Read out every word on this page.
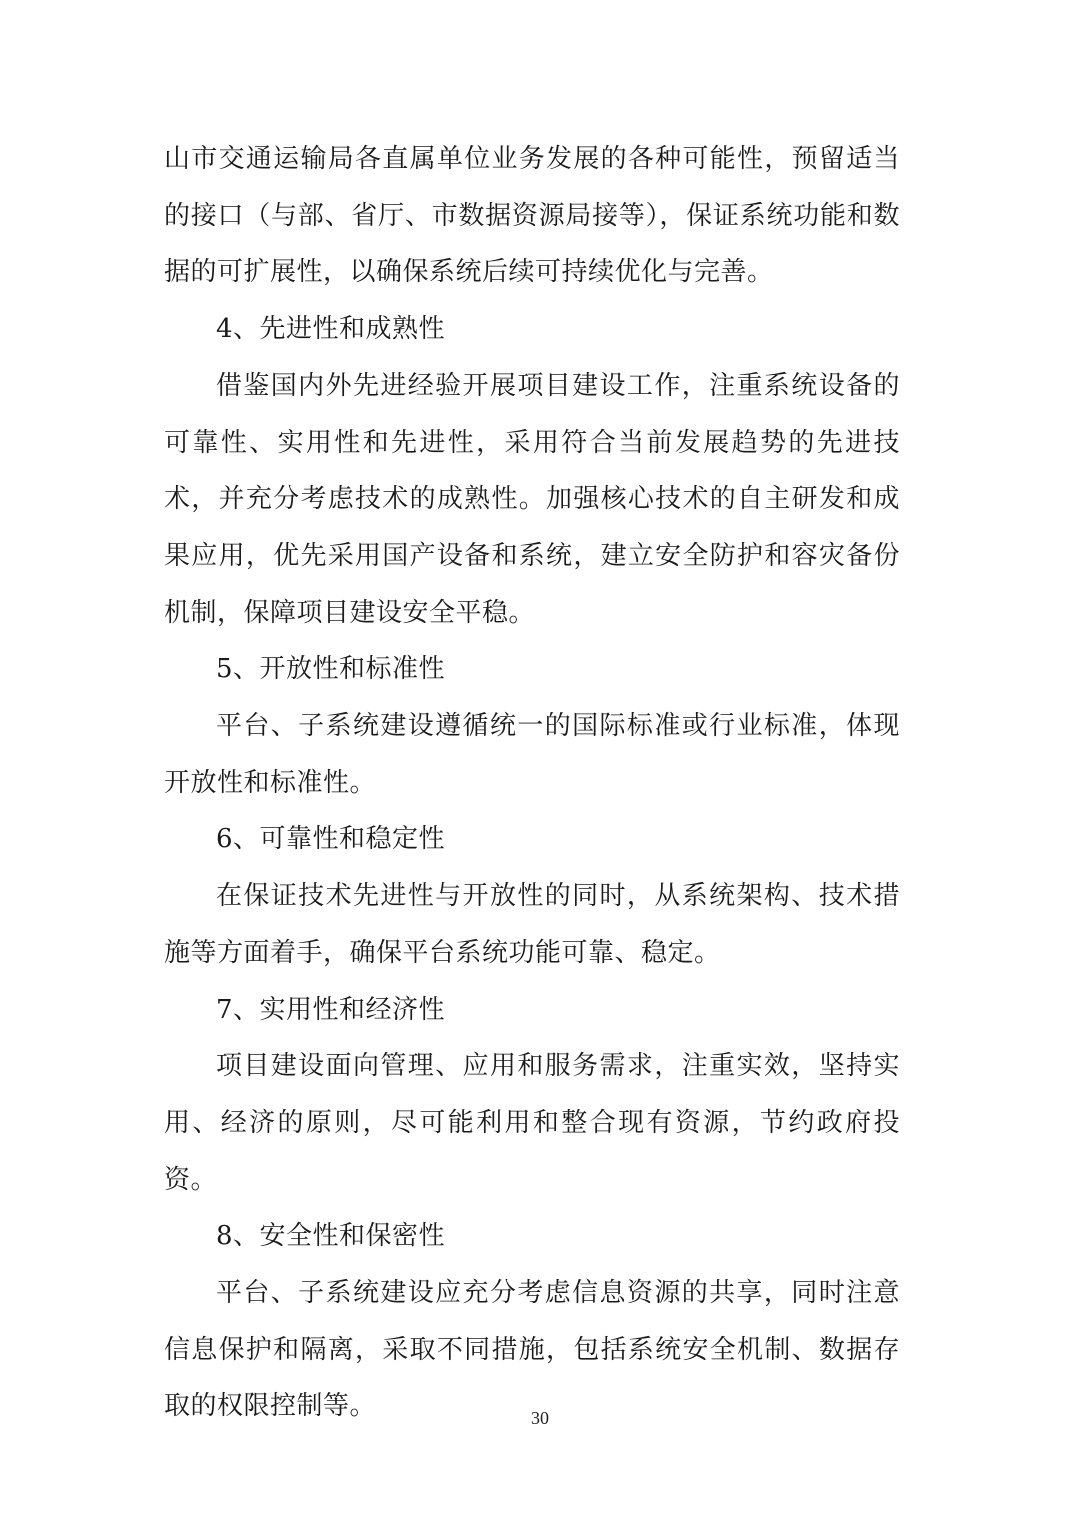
山市交通运输局各直属单位业务发展的各种可能性，预留适当的接口（与部、省厅、市数据资源局接等），保证系统功能和数据的可扩展性，以确保系统后续可持续优化与完善。

4、先进性和成熟性

借鉴国内外先进经验开展项目建设工作，注重系统设备的可靠性、实用性和先进性，采用符合当前发展趋势的先进技术，并充分考虑技术的成熟性。加强核心技术的自主研发和成果应用，优先采用国产设备和系统，建立安全防护和容灾备份机制，保障项目建设安全平稳。

5、开放性和标准性

平台、子系统建设遵循统一的国际标准或行业标准，体现开放性和标准性。

6、可靠性和稳定性

在保证技术先进性与开放性的同时，从系统架构、技术措施等方面着手，确保平台系统功能可靠、稳定。

7、实用性和经济性

项目建设面向管理、应用和服务需求，注重实效，坚持实用、经济的原则，尽可能利用和整合现有资源，节约政府投资。

8、安全性和保密性

平台、子系统建设应充分考虑信息资源的共享，同时注意信息保护和隔离，采取不同措施，包括系统安全机制、数据存取的权限控制等。	30
